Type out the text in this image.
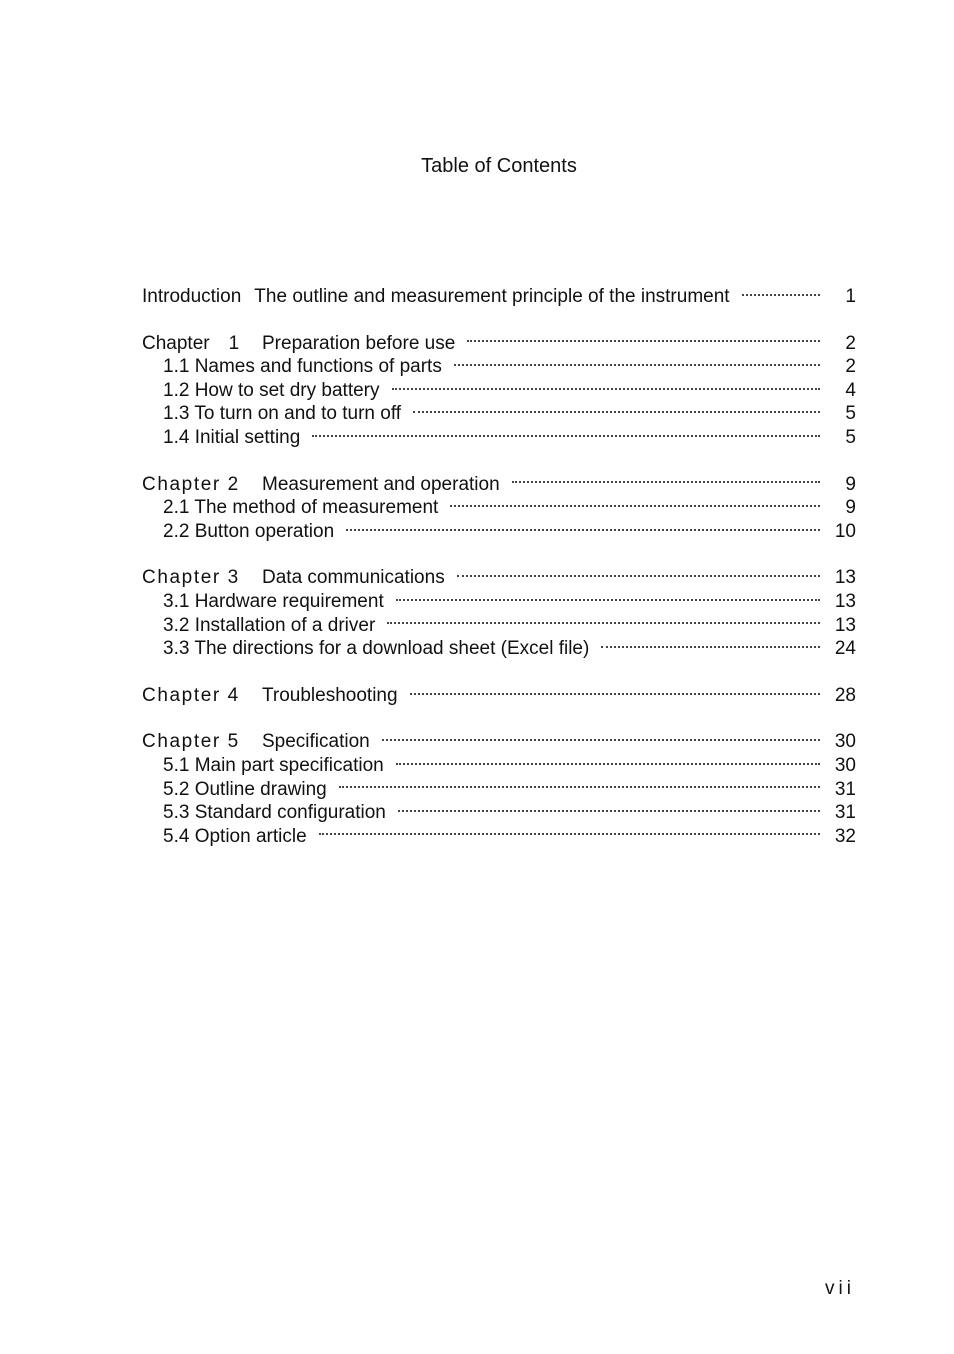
Table of Contents
Introduction The outline and measurement principle of the instrument	1
Chapter　1	Preparation before use	2
1.1 Names and functions of parts	2
1.2 How to set dry battery	4
1.3 To turn on and to turn off	5
1.4 Initial setting	5
Chapter 2	Measurement and operation	9
2.1 The method of measurement	9
2.2 Button operation	10
Chapter 3	Data communications	13
3.1 Hardware requirement	13
3.2 Installation of a driver	13
3.3 The directions for a download sheet (Excel file)	24
Chapter 4	Troubleshooting	28
Chapter 5	Specification	30
5.1 Main part specification	30
5.2 Outline drawing	31
5.3 Standard configuration	31
5.4 Option article	32
vii
